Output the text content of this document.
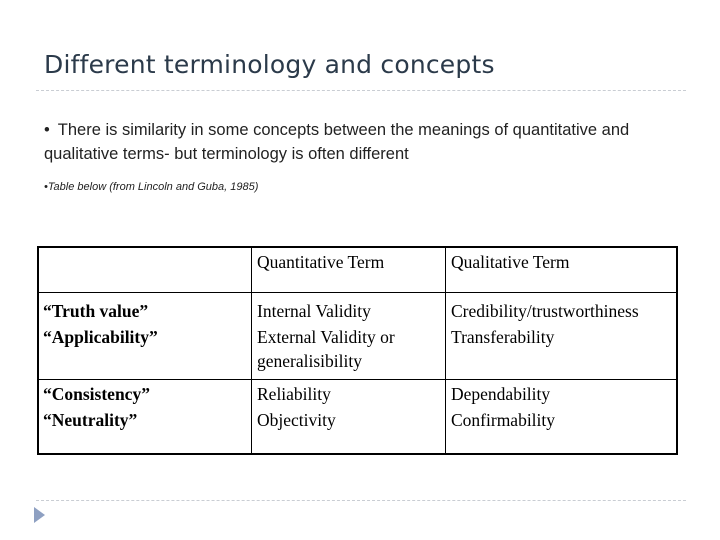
Different terminology and concepts
• There is similarity in some concepts between the meanings of quantitative and qualitative terms- but terminology is often different
•Table below (from Lincoln and Guba, 1985)
Quantitative Term	Qualitative Term
“Truth value”
“Applicability”
Internal Validity
External Validity or
generalisibility
Credibility/trustworthiness
Transferability
“Consistency”
“Neutrality”
Reliability
Objectivity
Dependability
Confirmability
